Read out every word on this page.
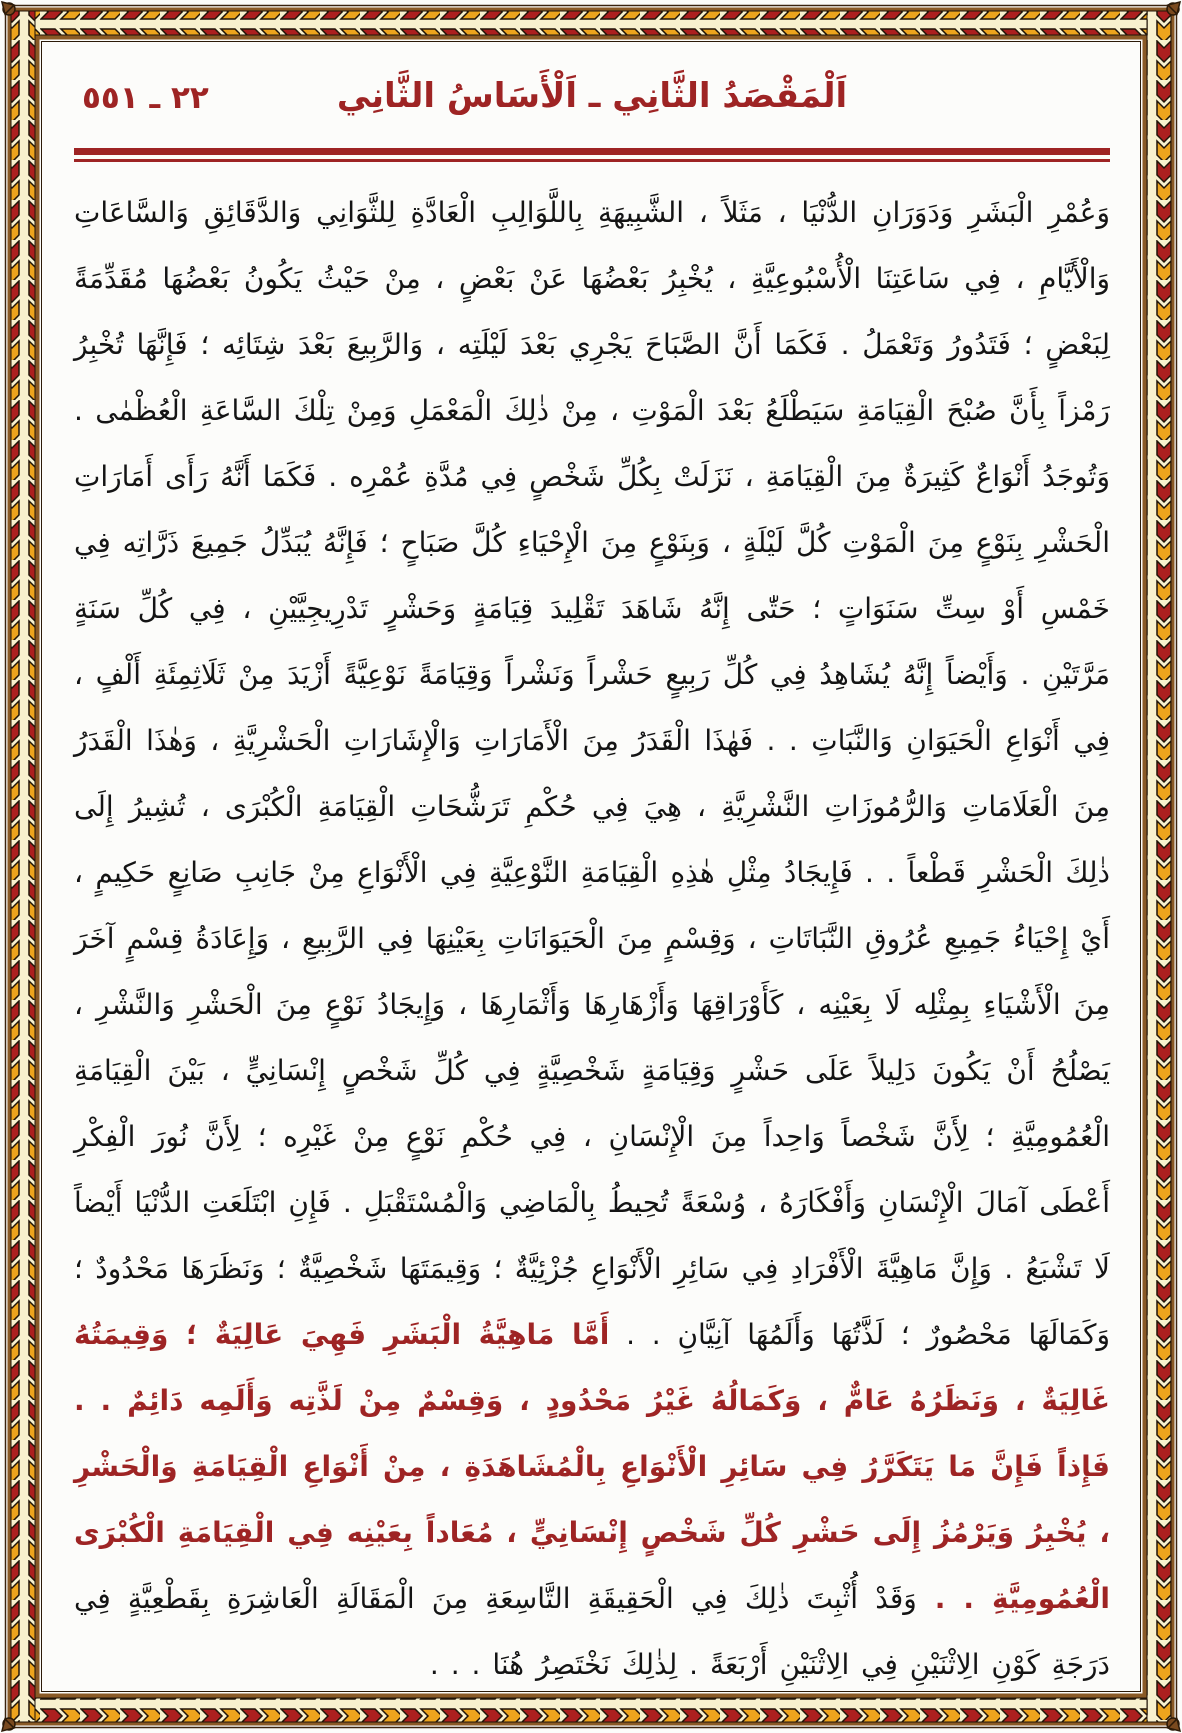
٢٢ ـ ٥٥١	اَلْمَقْصَدُ الثَّانِي ـ اَلْأَسَاسُ الثَّانِي
وَعُمْرِ الْبَشَرِ وَدَوَرَانِ الدُّنْيَا ، مَثَلاً ، الشَّبِيهَةِ بِاللَّوَالِبِ الْعَادَّةِ لِلثَّوَانِي وَالدَّقَائِقِ وَالسَّاعَاتِ وَالْأَيَّامِ ، فِي سَاعَتِنَا الْأُسْبُوعِيَّةِ ، يُخْبِرُ بَعْضُهَا عَنْ بَعْضٍ ، مِنْ حَيْثُ يَكُونُ بَعْضُهَا مُقَدِّمَةً لِبَعْضٍ ؛ فَتَدُورُ وَتَعْمَلُ . فَكَمَا أَنَّ الصَّبَاحَ يَجْرِي بَعْدَ لَيْلَتِه ، وَالرَّبِيعَ بَعْدَ شِتَائِه ؛ فَإِنَّهَا تُخْبِرُ رَمْزاً بِأَنَّ صُبْحَ الْقِيَامَةِ سَيَطْلَعُ بَعْدَ الْمَوْتِ ، مِنْ ذٰلِكَ الْمَعْمَلِ وَمِنْ تِلْكَ السَّاعَةِ الْعُظْمٰى . وَتُوجَدُ أَنْوَاعٌ كَثِيرَةٌ مِنَ الْقِيَامَةِ ، نَزَلَتْ بِكُلِّ شَخْصٍ فِي مُدَّةِ عُمْرِه . فَكَمَا أَنَّهُ رَأَى أَمَارَاتِ الْحَشْرِ بِنَوْعٍ مِنَ الْمَوْتِ كُلَّ لَيْلَةٍ ، وَبِنَوْعٍ مِنَ الْإِحْيَاءِ كُلَّ صَبَاحٍ ؛ فَإِنَّهُ يُبَدِّلُ جَمِيعَ ذَرَّاتِه فِي خَمْسِ أَوْ سِتِّ سَنَوَاتٍ ؛ حَتّٰى إِنَّهُ شَاهَدَ تَقْلِيدَ قِيَامَةٍ وَحَشْرٍ تَدْرِيجِيَّيْنِ ، فِي كُلِّ سَنَةٍ مَرَّتَيْنِ . وَأَيْضاً إِنَّهُ يُشَاهِدُ فِي كُلِّ رَبِيعٍ حَشْراً وَنَشْراً وَقِيَامَةً نَوْعِيَّةً أَزْيَدَ مِنْ ثَلَاثِمِئَةِ أَلْفٍ ، فِي أَنْوَاعِ الْحَيَوَانِ وَالنَّبَاتِ . . فَهٰذَا الْقَدَرُ مِنَ الْأَمَارَاتِ وَالْإِشَارَاتِ الْحَشْرِيَّةِ ، وَهٰذَا الْقَدَرُ مِنَ الْعَلَامَاتِ وَالرُّمُوزَاتِ النَّشْرِيَّةِ ، هِيَ فِي حُكْمِ تَرَشُّحَاتِ الْقِيَامَةِ الْكُبْرَى ، تُشِيرُ إِلَى ذٰلِكَ الْحَشْرِ قَطْعاً . . فَإِيجَادُ مِثْلِ هٰذِهِ الْقِيَامَةِ النَّوْعِيَّةِ فِي الْأَنْوَاعِ مِنْ جَانِبِ صَانِعٍ حَكِيمٍ ، أَيْ إِحْيَاءُ جَمِيعِ عُرُوقِ النَّبَاتَاتِ ، وَقِسْمٍ مِنَ الْحَيَوَانَاتِ بِعَيْنِهَا فِي الرَّبِيعِ ، وَإِعَادَةُ قِسْمٍ آخَرَ مِنَ الْأَشْيَاءِ بِمِثْلِه لَا بِعَيْنِه ، كَأَوْرَاقِهَا وَأَزْهَارِهَا وَأَثْمَارِهَا ، وَإِيجَادُ نَوْعٍ مِنَ الْحَشْرِ وَالنَّشْرِ ، يَصْلُحُ أَنْ يَكُونَ دَلِيلاً عَلَى حَشْرٍ وَقِيَامَةٍ شَخْصِيَّةٍ فِي كُلِّ شَخْصٍ إِنْسَانِيٍّ ، بَيْنَ الْقِيَامَةِ الْعُمُومِيَّةِ ؛ لِأَنَّ شَخْصاً وَاحِداً مِنَ الْإِنْسَانِ ، فِي حُكْمِ نَوْعٍ مِنْ غَيْرِه ؛ لِأَنَّ نُورَ الْفِكْرِ أَعْطَى آمَالَ الْإِنْسَانِ وَأَفْكَارَهُ ، وُسْعَةً تُحِيطُ بِالْمَاضِي وَالْمُسْتَقْبَلِ . فَإِنِ ابْتَلَعَتِ الدُّنْيَا أَيْضاً لَا تَشْبَعُ . وَإِنَّ مَاهِيَّةَ الْأَفْرَادِ فِي سَائِرِ الْأَنْوَاعِ جُزْئِيَّةٌ ؛ وَقِيمَتَهَا شَخْصِيَّةٌ ؛ وَنَظَرَهَا مَحْدُودٌ ؛ وَكَمَالَهَا مَحْصُورٌ ؛ لَذَّتُهَا وَأَلَمُهَا آنِيَّانِ . . أَمَّا مَاهِيَّةُ الْبَشَرِ فَهِيَ عَالِيَةٌ ؛ وَقِيمَتُهُ غَالِيَةٌ ، وَنَظَرُهُ عَامٌّ ، وَكَمَالُهُ غَيْرُ مَحْدُودٍ ، وَقِسْمٌ مِنْ لَذَّتِه وَأَلَمِه دَائِمٌ . . فَإِذاً فَإِنَّ مَا يَتَكَرَّرُ فِي سَائِرِ الْأَنْوَاعِ بِالْمُشَاهَدَةِ ، مِنْ أَنْوَاعِ الْقِيَامَةِ وَالْحَشْرِ ، يُخْبِرُ وَيَرْمُزُ إِلَى حَشْرِ كُلِّ شَخْصٍ إِنْسَانِيٍّ ، مُعَاداً بِعَيْنِه فِي الْقِيَامَةِ الْكُبْرَى الْعُمُومِيَّةِ . . وَقَدْ أُثْبِتَ ذٰلِكَ فِي الْحَقِيقَةِ التَّاسِعَةِ مِنَ الْمَقَالَةِ الْعَاشِرَةِ بِقَطْعِيَّةٍ فِي دَرَجَةِ كَوْنِ الِاثْنَيْنِ فِي الِاثْنَيْنِ أَرْبَعَةً . لِذٰلِكَ نَخْتَصِرُ هُنَا . . .
